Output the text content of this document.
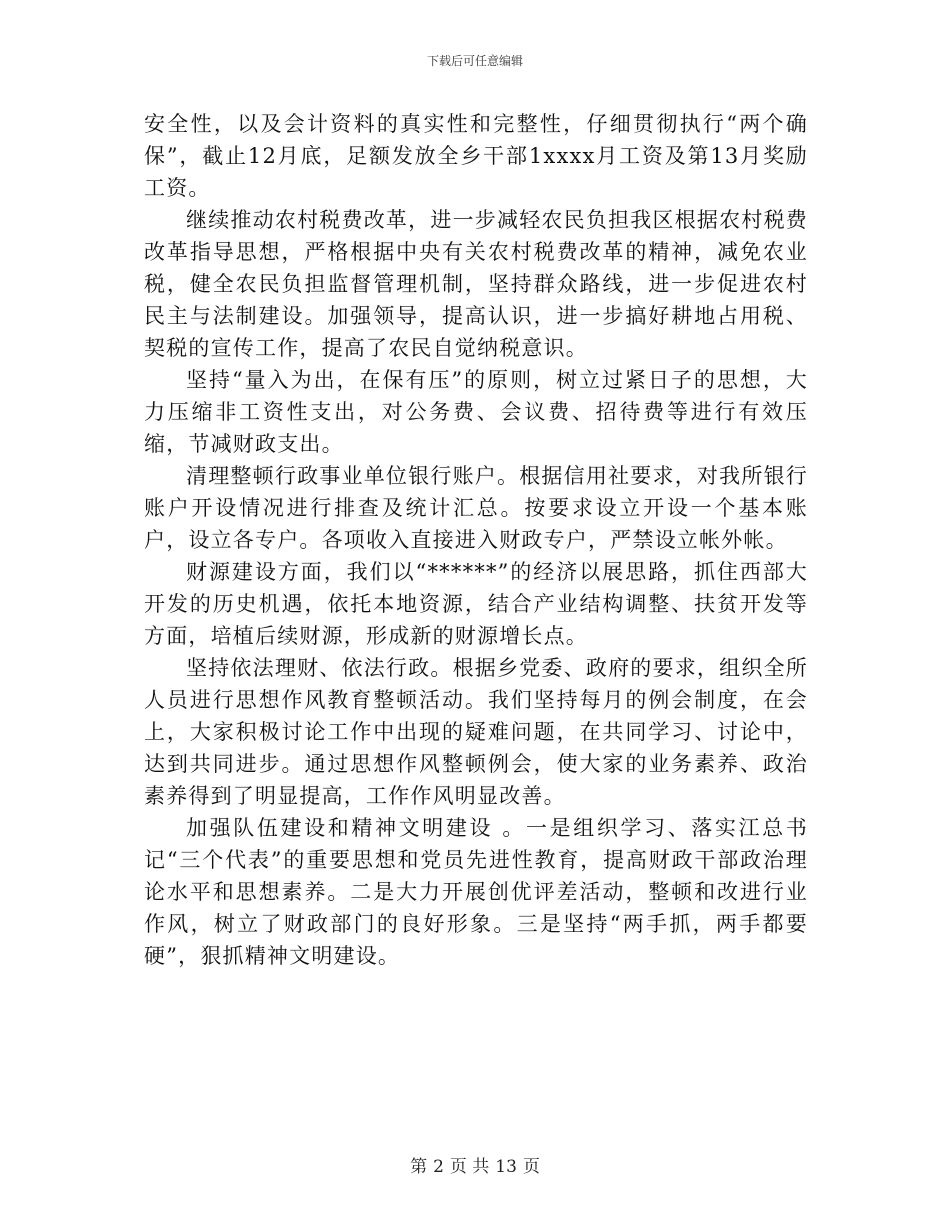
下载后可任意编辑

安全性，以及会计资料的真实性和完整性，仔细贯彻执行“两个确保”，截止12月底，足额发放全乡干部1xxxx月工资及第13月奖励工资。

继续推动农村税费改革，进一步减轻农民负担我区根据农村税费改革指导思想，严格根据中央有关农村税费改革的精神，减免农业税，健全农民负担监督管理机制，坚持群众路线，进一步促进农村民主与法制建设。加强领导，提高认识，进一步搞好耕地占用税、契税的宣传工作，提高了农民自觉纳税意识。

坚持“量入为出，在保有压”的原则，树立过紧日子的思想，大力压缩非工资性支出，对公务费、会议费、招待费等进行有效压缩，节减财政支出。

清理整顿行政事业单位银行账户。根据信用社要求，对我所银行账户开设情况进行排查及统计汇总。按要求设立开设一个基本账户，设立各专户。各项收入直接进入财政专户，严禁设立帐外帐。

财源建设方面，我们以“******”的经济以展思路，抓住西部大开发的历史机遇，依托本地资源，结合产业结构调整、扶贫开发等方面，培植后续财源，形成新的财源增长点。

坚持依法理财、依法行政。根据乡党委、政府的要求，组织全所人员进行思想作风教育整顿活动。我们坚持每月的例会制度，在会上，大家积极讨论工作中出现的疑难问题，在共同学习、讨论中，达到共同进步。通过思想作风整顿例会，使大家的业务素养、政治素养得到了明显提高，工作作风明显改善。

加强队伍建设和精神文明建设 。一是组织学习、落实江总书记“三个代表”的重要思想和党员先进性教育，提高财政干部政治理论水平和思想素养。二是大力开展创优评差活动，整顿和改进行业作风，树立了财政部门的良好形象。三是坚持“两手抓，两手都要硬”，狠抓精神文明建设。

第 2 页 共 13 页
